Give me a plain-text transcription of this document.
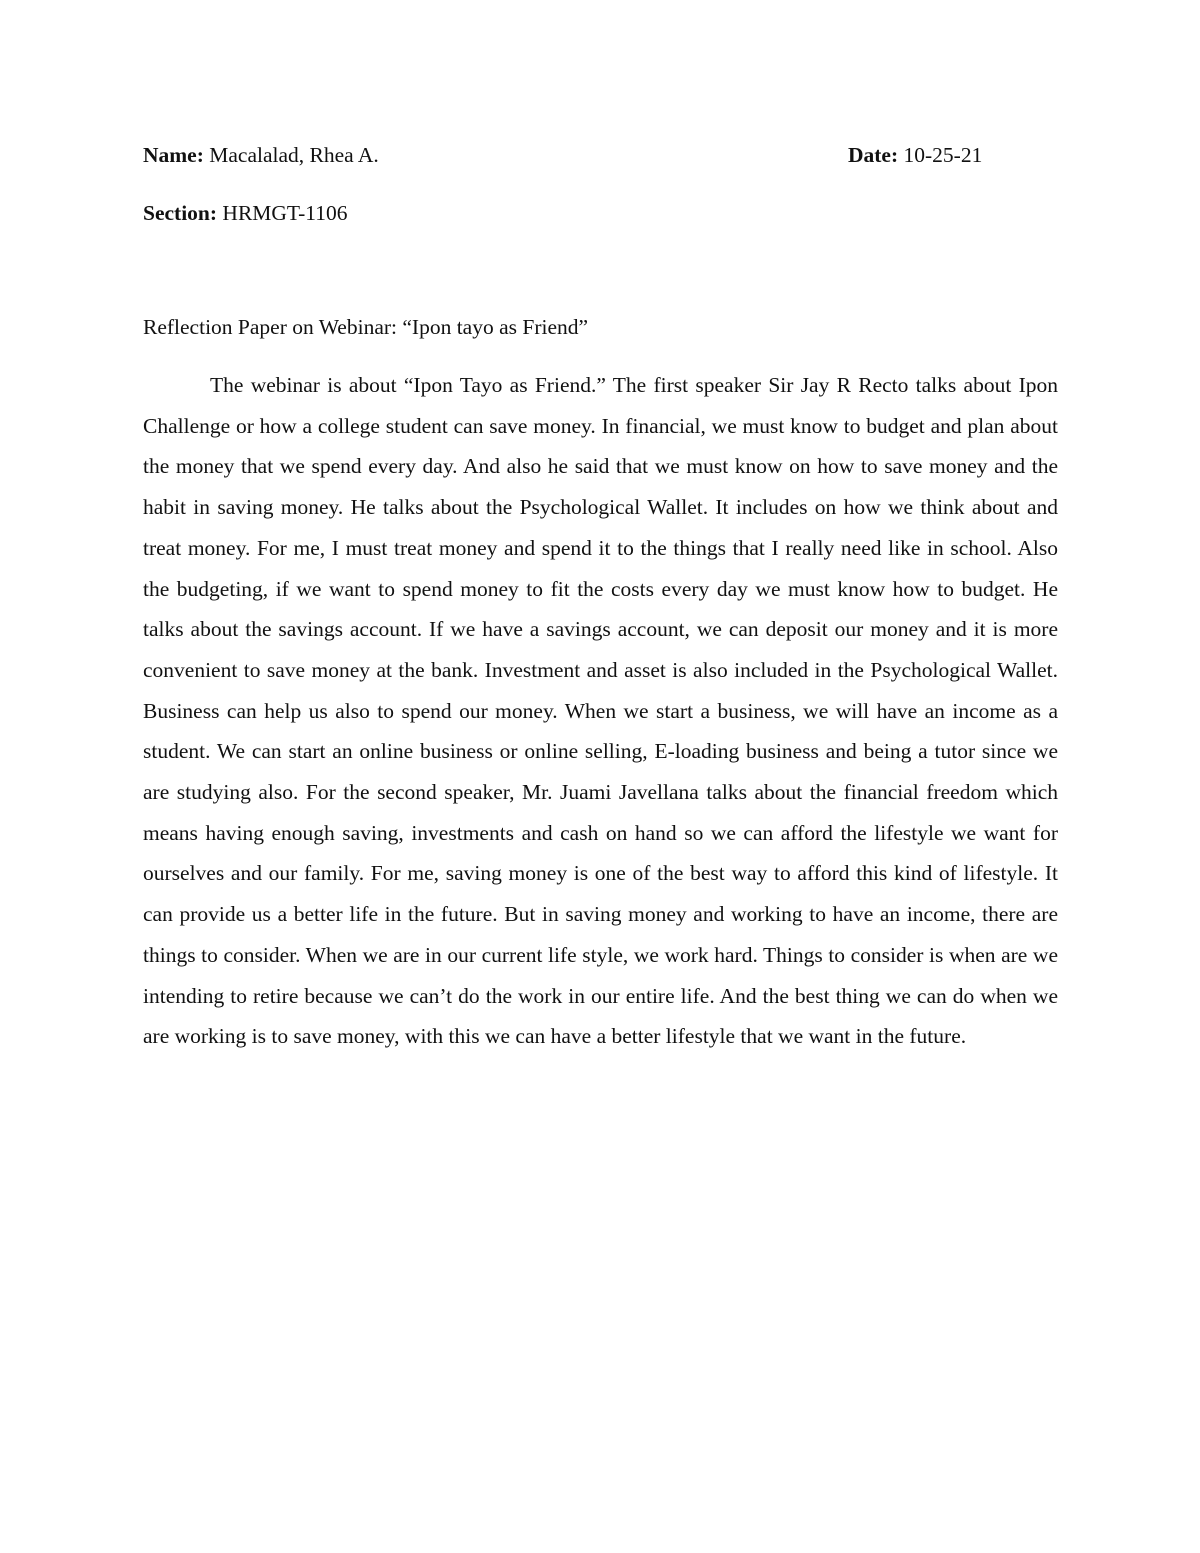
Name: Macalalad, Rhea A.	Date: 10-25-21
Section: HRMGT-1106
Reflection Paper on Webinar: “Ipon tayo as Friend”

The webinar is about “Ipon Tayo as Friend.” The first speaker Sir Jay R Recto talks about Ipon Challenge or how a college student can save money. In financial, we must know to budget and plan about the money that we spend every day. And also he said that we must know on how to save money and the habit in saving money. He talks about the Psychological Wallet. It includes on how we think about and treat money. For me, I must treat money and spend it to the things that I really need like in school. Also the budgeting, if we want to spend money to fit the costs every day we must know how to budget. He talks about the savings account. If we have a savings account, we can deposit our money and it is more convenient to save money at the bank. Investment and asset is also included in the Psychological Wallet. Business can help us also to spend our money. When we start a business, we will have an income as a student. We can start an online business or online selling, E-loading business and being a tutor since we are studying also. For the second speaker, Mr. Juami Javellana talks about the financial freedom which means having enough saving, investments and cash on hand so we can afford the lifestyle we want for ourselves and our family. For me, saving money is one of the best way to afford this kind of lifestyle. It can provide us a better life in the future. But in saving money and working to have an income, there are things to consider. When we are in our current life style, we work hard. Things to consider is when are we intending to retire because we can’t do the work in our entire life. And the best thing we can do when we are working is to save money, with this we can have a better lifestyle that we want in the future.
